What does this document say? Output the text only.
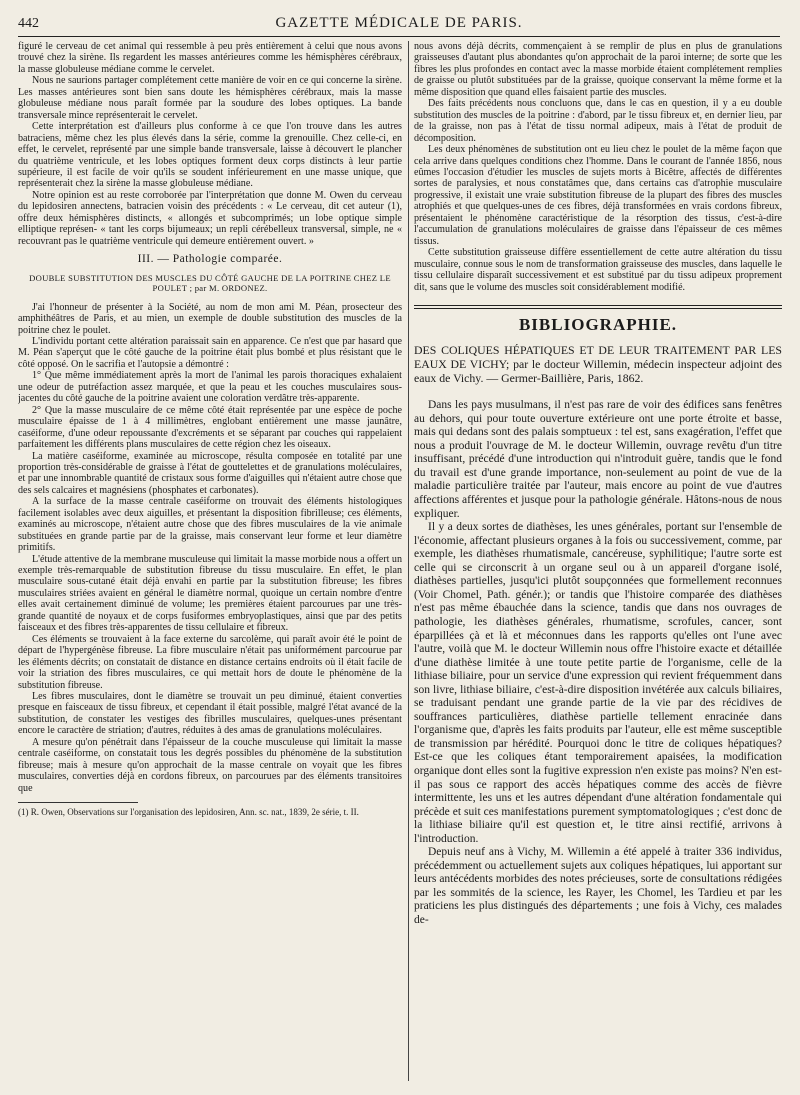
442	GAZETTE MÉDICALE DE PARIS.

figuré le cerveau de cet animal qui ressemble à peu près entièrement à celui que nous avons trouvé chez la sirène. Ils regardent les masses antérieures comme les hémisphères cérébraux, la masse globuleuse médiane comme le cervelet.

Nous ne saurions partager complétement cette manière de voir en ce qui concerne la sirène. Les masses antérieures sont bien sans doute les hémisphères cérébraux, mais la masse globuleuse médiane nous paraît formée par la soudure des lobes optiques. La bande transversale mince représenterait le cervelet.

Cette interprétation est d'ailleurs plus conforme à ce que l'on trouve dans les autres batraciens, même chez les plus élevés dans la série, comme la grenouille. Chez celle-ci, en effet, le cervelet, représenté par une simple bande transversale, laisse à découvert le plancher du quatrième ventricule, et les lobes optiques forment deux corps distincts à leur partie supérieure, il est facile de voir qu'ils se soudent inférieurement en une masse unique, que représenterait chez la sirène la masse globuleuse médiane.

Notre opinion est au reste corroborée par l'interprétation que donne M. Owen du cerveau du lepidosiren annectens, batracien voisin des précédents : « Le cerveau, dit cet auteur (1), offre deux hémisphères distincts, « allongés et subcomprimés; un lobe optique simple elliptique représen- « tant les corps bijumeaux; un repli cérébelleux transversal, simple, ne « recouvrant pas le quatrième ventricule qui demeure entièrement ouvert. »

III. — Pathologie comparée.
DOUBLE SUBSTITUTION DES MUSCLES DU CÔTÉ GAUCHE DE LA POITRINE CHEZ LE POULET ; par M. ORDONEZ.

J'ai l'honneur de présenter à la Société, au nom de mon ami M. Péan, prosecteur des amphithéâtres de Paris, et au mien, un exemple de double substitution des muscles de la poitrine chez le poulet.

L'individu portant cette altération paraissait sain en apparence. Ce n'est que par hasard que M. Péan s'aperçut que le côté gauche de la poitrine était plus bombé et plus résistant que le côté opposé. On le sacrifia et l'autopsie a démontré :

1° Que même immédiatement après la mort de l'animal les parois thoraciques exhalaient une odeur de putréfaction assez marquée, et que la peau et les couches musculaires sous-jacentes du côté gauche de la poitrine avaient une coloration verdâtre très-apparente.

2° Que la masse musculaire de ce même côté était représentée par une espèce de poche musculaire épaisse de 1 à 4 millimètres, englobant entièrement une masse jaunâtre, caséiforme, d'une odeur repoussante d'excréments et se séparant par couches qui rappelaient parfaitement les différents plans musculaires de cette région chez les oiseaux.

La matière caséiforme, examinée au microscope, résulta composée en totalité par une proportion très-considérable de graisse à l'état de gouttelettes et de granulations moléculaires, et par une innombrable quantité de cristaux sous forme d'aiguilles qui n'étaient autre chose que des sels calcaires et magnésiens (phosphates et carbonates).

A la surface de la masse centrale caséiforme on trouvait des éléments histologiques facilement isolables avec deux aiguilles, et présentant la disposition fibrilleuse; ces éléments, examinés au microscope, n'étaient autre chose que des fibres musculaires de la vie animale substituées en grande partie par de la graisse, mais conservant leur forme et leur diamètre primitifs.

L'étude attentive de la membrane musculeuse qui limitait la masse morbide nous a offert un exemple très-remarquable de substitution fibreuse du tissu musculaire. En effet, le plan musculaire sous-cutané était déjà envahi en partie par la substitution fibreuse; les fibres musculaires striées avaient en général le diamètre normal, quoique un certain nombre d'entre elles avait certainement diminué de volume; les premières étaient parcourues par une très-grande quantité de noyaux et de corps fusiformes embryoplastiques, ainsi que par des petits faisceaux et des fibres très-apparentes de tissu cellulaire et fibreux.

Ces éléments se trouvaient à la face externe du sarcolème, qui paraît avoir été le point de départ de l'hypergénèse fibreuse. La fibre musculaire n'était pas uniformément parcourue par les éléments décrits; on constatait de distance en distance certains endroits où il était facile de voir la striation des fibres musculaires, ce qui mettait hors de doute le phénomène de la substitution fibreuse.

Les fibres musculaires, dont le diamètre se trouvait un peu diminué, étaient converties presque en faisceaux de tissu fibreux, et cependant il était possible, malgré l'état avancé de la substitution, de constater les vestiges des fibrilles musculaires, quelques-unes présentant encore le caractère de striation; d'autres, réduites à des amas de granulations moléculaires.

A mesure qu'on pénétrait dans l'épaisseur de la couche musculeuse qui limitait la masse centrale caséiforme, on constatait tous les degrés possibles du phénomène de la substitution fibreuse; mais à mesure qu'on approchait de la masse centrale on voyait que les fibres musculaires, converties déjà en cordons fibreux, on parcourues par des éléments transitoires que

(1) R. Owen, Observations sur l'organisation des lepidosiren, Ann. sc. nat., 1839, 2e série, t. II.

nous avons déjà décrits, commençaient à se remplir de plus en plus de granulations graisseuses d'autant plus abondantes qu'on approchait de la paroi interne; de sorte que les fibres les plus profondes en contact avec la masse morbide étaient complétement remplies de graisse ou plutôt substituées par de la graisse, quoique conservant la même forme et la même disposition que quand elles faisaient partie des muscles.

Des faits précédents nous concluons que, dans le cas en question, il y a eu double substitution des muscles de la poitrine : d'abord, par le tissu fibreux et, en dernier lieu, par de la graisse, non pas à l'état de tissu normal adipeux, mais à l'état de produit de décomposition.

Les deux phénomènes de substitution ont eu lieu chez le poulet de la même façon que cela arrive dans quelques conditions chez l'homme. Dans le courant de l'année 1856, nous eûmes l'occasion d'étudier les muscles de sujets morts à Bicêtre, affectés de différentes sortes de paralysies, et nous constatâmes que, dans certains cas d'atrophie musculaire progressive, il existait une vraie substitution fibreuse de la plupart des fibres des muscles atrophiés et que quelques-unes de ces fibres, déjà transformées en vrais cordons fibreux, présentaient le phénomène caractéristique de la résorption des tissus, c'est-à-dire l'accumulation de granulations moléculaires de graisse dans l'épaisseur de ces mêmes tissus.

Cette substitution graisseuse diffère essentiellement de cette autre altération du tissu musculaire, connue sous le nom de transformation graisseuse des muscles, dans laquelle le tissu cellulaire disparaît successivement et est substitué par du tissu adipeux proprement dit, sans que le volume des muscles soit considérablement modifié.

BIBLIOGRAPHIE.

DES COLIQUES HÉPATIQUES ET DE LEUR TRAITEMENT PAR LES EAUX DE VICHY; par le docteur Willemin, médecin inspecteur adjoint des eaux de Vichy. — Germer-Baillière, Paris, 1862.

Dans les pays musulmans, il n'est pas rare de voir des édifices sans fenêtres au dehors, qui pour toute ouverture extérieure ont une porte étroite et basse, mais qui dedans sont des palais somptueux : tel est, sans exagération, l'effet que nous a produit l'ouvrage de M. le docteur Willemin, ouvrage revêtu d'un titre insuffisant, précédé d'une introduction qui n'introduit guère, tandis que le fond du travail est d'une grande importance, non-seulement au point de vue de la maladie particulière traitée par l'auteur, mais encore au point de vue d'autres affections afférentes et jusque pour la pathologie générale. Hâtons-nous de nous expliquer.

Il y a deux sortes de diathèses, les unes générales, portant sur l'ensemble de l'économie, affectant plusieurs organes à la fois ou successivement, comme, par exemple, les diathèses rhumatismale, cancéreuse, syphilitique; l'autre sorte est celle qui se circonscrit à un organe seul ou à un appareil d'organe isolé, diathèses partielles, jusqu'ici plutôt soupçonnées que formellement reconnues (Voir Chomel, Path. génér.); or tandis que l'histoire comparée des diathèses n'est pas même ébauchée dans la science, tandis que dans nos ouvrages de pathologie, les diathèses générales, rhumatisme, scrofules, cancer, sont éparpillées çà et là et méconnues dans les rapports qu'elles ont l'une avec l'autre, voilà que M. le docteur Willemin nous offre l'histoire exacte et détaillée d'une diathèse limitée à une toute petite partie de l'organisme, celle de la lithiase biliaire, pour un service d'une expression qui revient fréquemment dans son livre, lithiase biliaire, c'est-à-dire disposition invétérée aux calculs biliaires, se traduisant pendant une grande partie de la vie par des récidives de souffrances particulières, diathèse partielle tellement enracinée dans l'organisme que, d'après les faits produits par l'auteur, elle est même susceptible de transmission par hérédité. Pourquoi donc le titre de coliques hépatiques? Est-ce que les coliques étant temporairement apaisées, la modification organique dont elles sont la fugitive expression n'en existe pas moins? N'en est-il pas sous ce rapport des accès hépatiques comme des accès de fièvre intermittente, les uns et les autres dépendant d'une altération fondamentale qui précède et suit ces manifestations purement symptomatologiques ; c'est donc de la lithiase biliaire qu'il est question et, le titre ainsi rectifié, arrivons à l'introduction.

Depuis neuf ans à Vichy, M. Willemin a été appelé à traiter 336 individus, précédemment ou actuellement sujets aux coliques hépatiques, lui apportant sur leurs antécédents morbides des notes précieuses, sorte de consultations rédigées par les sommités de la science, les Rayer, les Chomel, les Tardieu et par les praticiens les plus distingués des départements ; une fois à Vichy, ces malades de-
